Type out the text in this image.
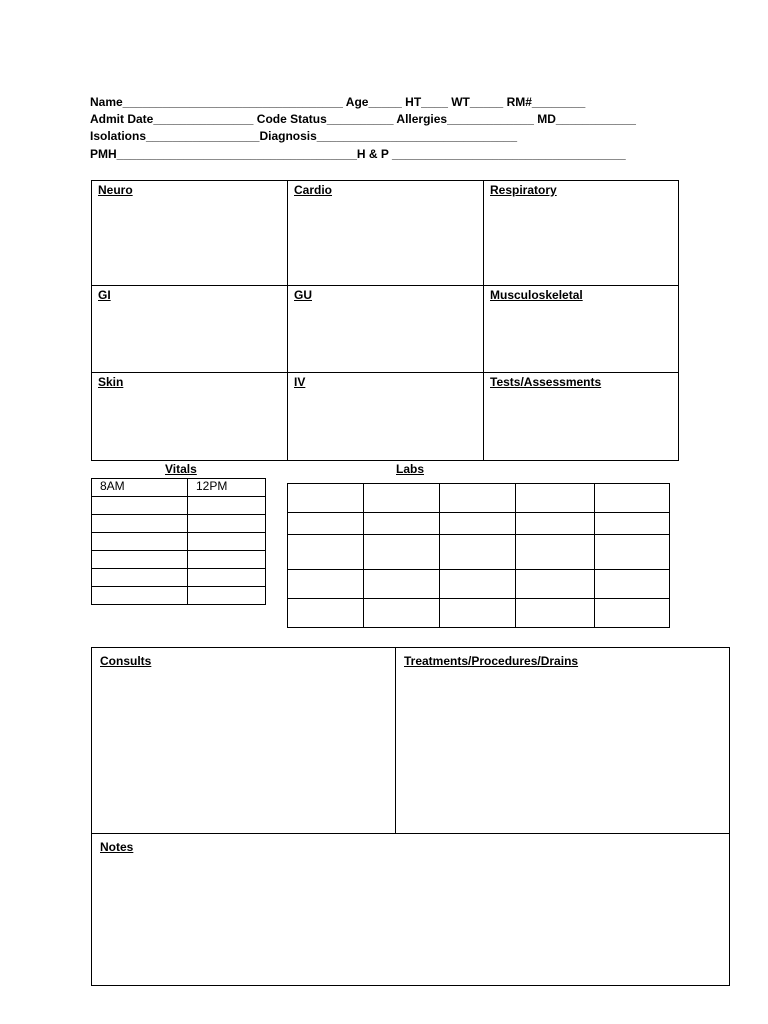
Name_________________________________ Age_____ HT____ WT_____ RM#________
Admit Date_______________ Code Status__________ Allergies_____________ MD____________
Isolations_________________Diagnosis______________________________
PMH____________________________________H & P ___________________________________
Neuro	Cardio	Respiratory
GI	GU	Musculoskeletal
Skin	IV	Tests/Assessments
Vitals
8AM	12PM

Labs

Consults	Treatments/Procedures/Drains
Notes
